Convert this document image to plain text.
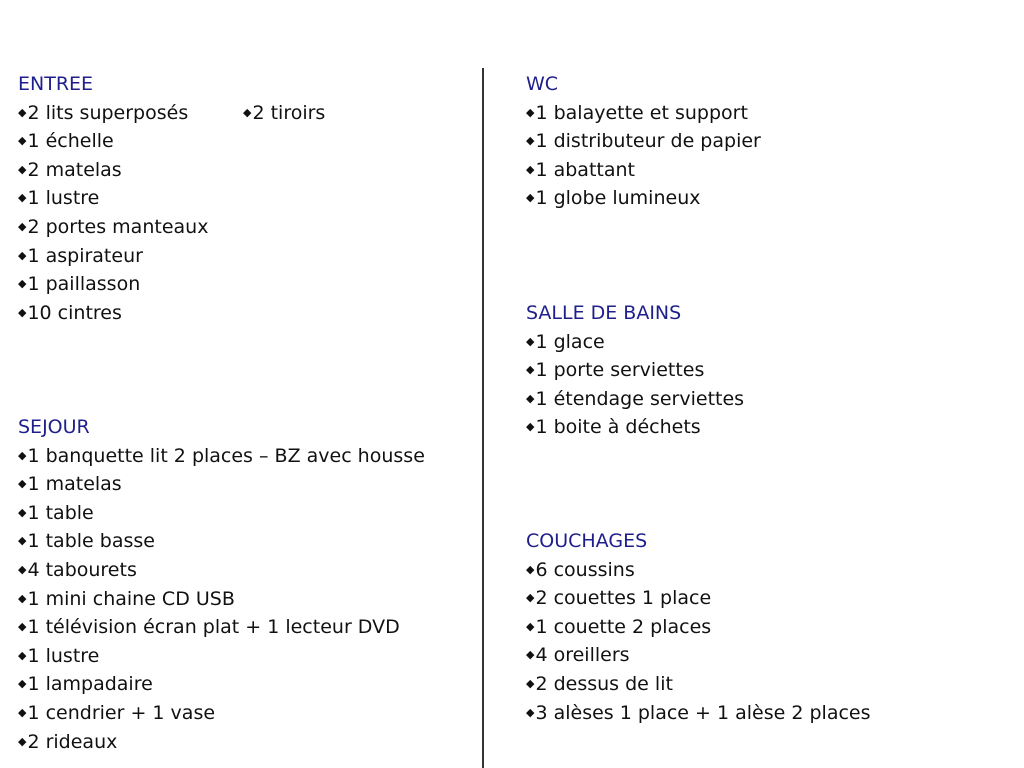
ENTREE
◆2 lits superposés	◆2 tiroirs
◆1 échelle
◆2 matelas
◆1 lustre
◆2 portes manteaux
◆1 aspirateur
◆1 paillasson
◆10 cintres
SEJOUR
◆1 banquette lit 2 places – BZ avec housse
◆1 matelas
◆1 table
◆1 table basse
◆4 tabourets
◆1 mini chaine CD USB
◆1 télévision écran plat + 1 lecteur DVD
◆1 lustre
◆1 lampadaire
◆1 cendrier + 1 vase
◆2 rideaux
WC
◆1 balayette et support
◆1 distributeur de papier
◆1 abattant
◆1 globe lumineux
SALLE DE BAINS
◆1 glace
◆1 porte serviettes
◆1 étendage serviettes
◆1 boite à déchets
COUCHAGES
◆6 coussins
◆2 couettes 1 place
◆1 couette 2 places
◆4 oreillers
◆2 dessus de lit
◆3 alèses 1 place + 1 alèse 2 places
